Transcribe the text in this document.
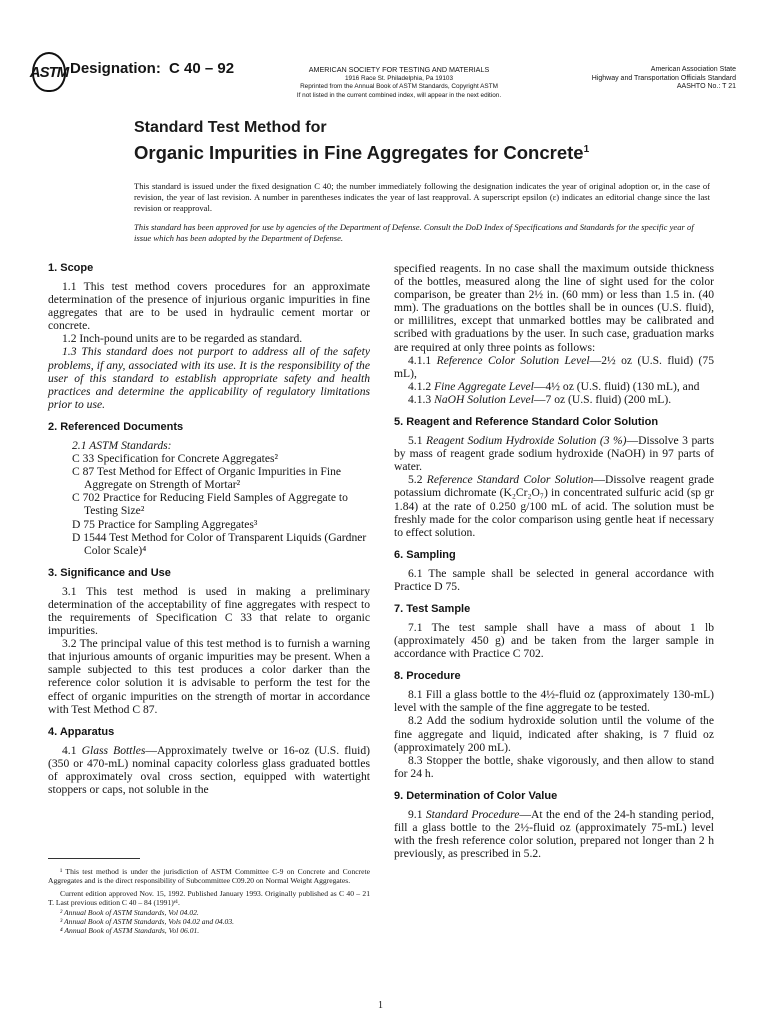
ASTM Designation: C 40 – 92	AMERICAN SOCIETY FOR TESTING AND MATERIALS
1916 Race St. Philadelphia, Pa 19103
Reprinted from the Annual Book of ASTM Standards, Copyright ASTM
If not listed in the current combined index, will appear in the next edition.
American Association State
Highway and Transportation Officials Standard
AASHTO No.: T 21
Standard Test Method for
Organic Impurities in Fine Aggregates for Concrete$^1$
This standard is issued under the fixed designation C 40; the number immediately following the designation indicates the year of original adoption or, in the case of revision, the year of last revision. A number in parentheses indicates the year of last reapproval. A superscript epsilon (ε) indicates an editorial change since the last revision or reapproval.
This standard has been approved for use by agencies of the Department of Defense. Consult the DoD Index of Specifications and Standards for the specific year of issue which has been adopted by the Department of Defense.
1. Scope

1.1 This test method covers procedures for an approximate determination of the presence of injurious organic impurities in fine aggregates that are to be used in hydraulic cement mortar or concrete.

1.2 Inch-pound units are to be regarded as standard.

1.3 This standard does not purport to address all of the safety problems, if any, associated with its use. It is the responsibility of the user of this standard to establish appropriate safety and health practices and determine the applicability of regulatory limitations prior to use.

2. Referenced Documents

2.1 ASTM Standards:

C 33 Specification for Concrete Aggregates²

C 87 Test Method for Effect of Organic Impurities in Fine Aggregate on Strength of Mortar²

C 702 Practice for Reducing Field Samples of Aggregate to Testing Size²

D 75 Practice for Sampling Aggregates³

D 1544 Test Method for Color of Transparent Liquids (Gardner Color Scale)⁴

3. Significance and Use

3.1 This test method is used in making a preliminary determination of the acceptability of fine aggregates with respect to the requirements of Specification C 33 that relate to organic impurities.

3.2 The principal value of this test method is to furnish a warning that injurious amounts of organic impurities may be present. When a sample subjected to this test produces a color darker than the reference color solution it is advisable to perform the test for the effect of organic impurities on the strength of mortar in accordance with Test Method C 87.

4. Apparatus

4.1 Glass Bottles—Approximately twelve or 16-oz (U.S. fluid) (350 or 470-mL) nominal capacity colorless glass graduated bottles of approximately oval cross section, equipped with watertight stoppers or caps, not soluble in the

¹ This test method is under the jurisdiction of ASTM Committee C-9 on Concrete and Concrete Aggregates and is the direct responsibility of Subcommittee C09.20 on Normal Weight Aggregates.

Current edition approved Nov. 15, 1992. Published January 1993. Originally published as C 40 – 21 T. Last previous edition C 40 – 84 (1991)ᵉ¹.

² Annual Book of ASTM Standards, Vol 04.02.

³ Annual Book of ASTM Standards, Vols 04.02 and 04.03.

⁴ Annual Book of ASTM Standards, Vol 06.01.

specified reagents. In no case shall the maximum outside thickness of the bottles, measured along the line of sight used for the color comparison, be greater than 2½ in. (60 mm) or less than 1.5 in. (40 mm). The graduations on the bottles shall be in ounces (U.S. fluid), or millilitres, except that unmarked bottles may be calibrated and scribed with graduations by the user. In such case, graduation marks are required at only three points as follows:

4.1.1 Reference Color Solution Level—2½ oz (U.S. fluid) (75 mL),

4.1.2 Fine Aggregate Level—4½ oz (U.S. fluid) (130 mL), and

4.1.3 NaOH Solution Level—7 oz (U.S. fluid) (200 mL).

5. Reagent and Reference Standard Color Solution

5.1 Reagent Sodium Hydroxide Solution (3 %)—Dissolve 3 parts by mass of reagent grade sodium hydroxide (NaOH) in 97 parts of water.

5.2 Reference Standard Color Solution—Dissolve reagent grade potassium dichromate (K₂Cr₂O₇) in concentrated sulfuric acid (sp gr 1.84) at the rate of 0.250 g/100 mL of acid. The solution must be freshly made for the color comparison using gentle heat if necessary to effect solution.

6. Sampling

6.1 The sample shall be selected in general accordance with Practice D 75.

7. Test Sample

7.1 The test sample shall have a mass of about 1 lb (approximately 450 g) and be taken from the larger sample in accordance with Practice C 702.

8. Procedure

8.1 Fill a glass bottle to the 4½-fluid oz (approximately 130-mL) level with the sample of the fine aggregate to be tested.

8.2 Add the sodium hydroxide solution until the volume of the fine aggregate and liquid, indicated after shaking, is 7 fluid oz (approximately 200 mL).

8.3 Stopper the bottle, shake vigorously, and then allow to stand for 24 h.

9. Determination of Color Value

9.1 Standard Procedure—At the end of the 24-h standing period, fill a glass bottle to the 2½-fluid oz (approximately 75-mL) level with the fresh reference color solution, prepared not longer than 2 h previously, as prescribed in 5.2.

1
